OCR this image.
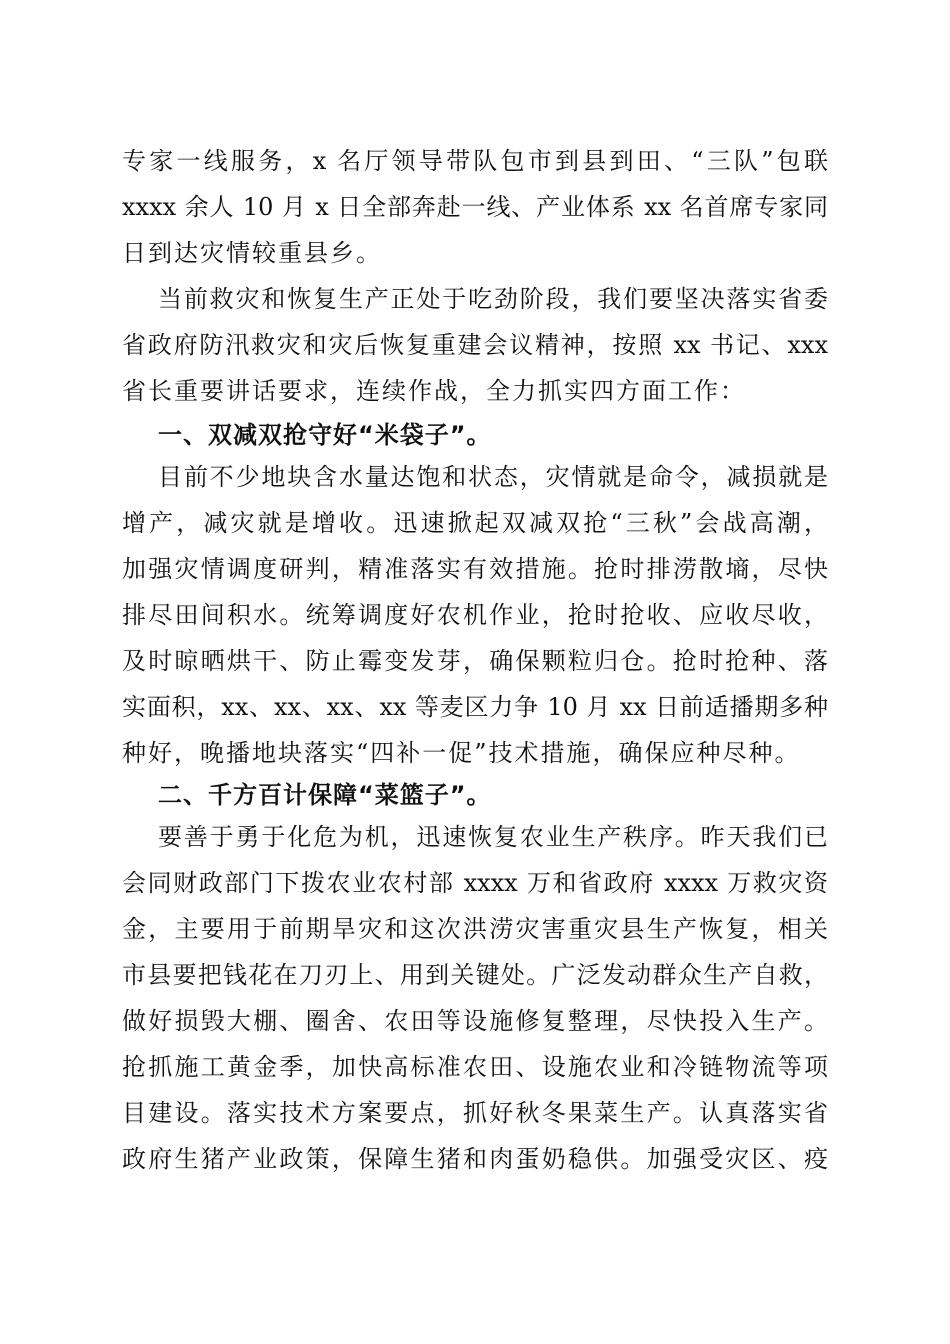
专家一线服务，x 名厅领导带队包市到县到田、“三队”包联
xxxx 余人 10 月 x 日全部奔赴一线、产业体系 xx 名首席专家同
日到达灾情较重县乡。
当前救灾和恢复生产正处于吃劲阶段，我们要坚决落实省委
省政府防汛救灾和灾后恢复重建会议精神，按照 xx 书记、xxx
省长重要讲话要求，连续作战，全力抓实四方面工作：
一、双减双抢守好“米袋子”。
目前不少地块含水量达饱和状态，灾情就是命令，减损就是
增产，减灾就是增收。迅速掀起双减双抢“三秋”会战高潮，
加强灾情调度研判，精准落实有效措施。抢时排涝散墒，尽快
排尽田间积水。统筹调度好农机作业，抢时抢收、应收尽收，
及时晾晒烘干、防止霉变发芽，确保颗粒归仓。抢时抢种、落
实面积，xx、xx、xx、xx 等麦区力争 10 月 xx 日前适播期多种
种好，晚播地块落实“四补一促”技术措施，确保应种尽种。
二、千方百计保障“菜篮子”。
要善于勇于化危为机，迅速恢复农业生产秩序。昨天我们已
会同财政部门下拨农业农村部 xxxx 万和省政府 xxxx 万救灾资
金，主要用于前期旱灾和这次洪涝灾害重灾县生产恢复，相关
市县要把钱花在刀刃上、用到关键处。广泛发动群众生产自救，
做好损毁大棚、圈舍、农田等设施修复整理，尽快投入生产。
抢抓施工黄金季，加快高标准农田、设施农业和冷链物流等项
目建设。落实技术方案要点，抓好秋冬果菜生产。认真落实省
政府生猪产业政策，保障生猪和肉蛋奶稳供。加强受灾区、疫
